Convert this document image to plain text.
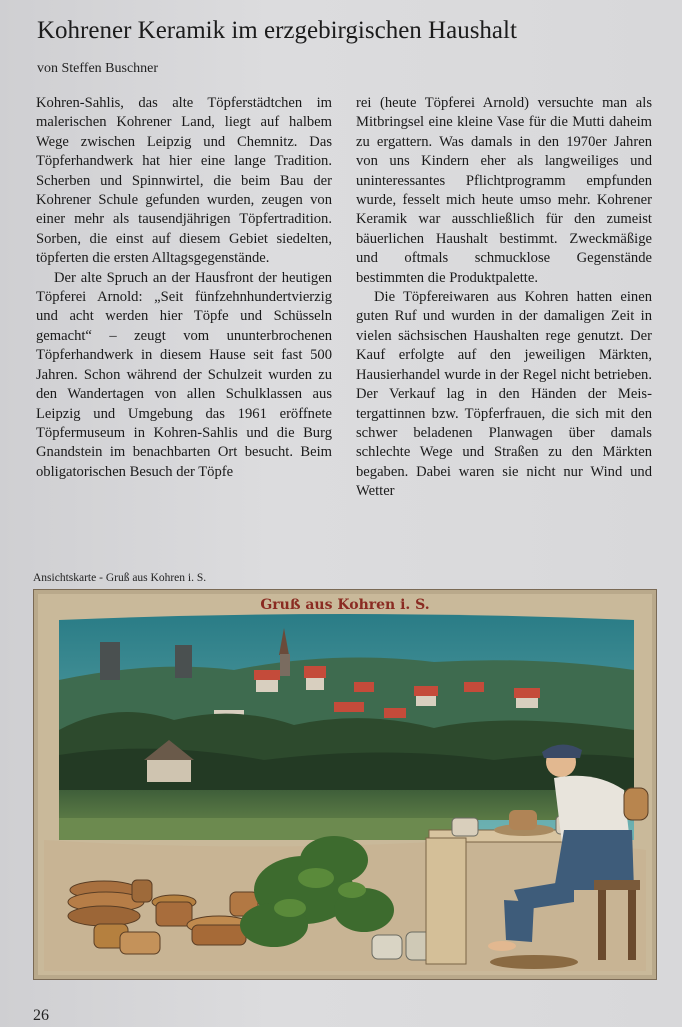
Kohrener Keramik im erzgebirgischen Haushalt
von Steffen Buschner

Kohren-Sahlis, das alte Töpferstädtchen im malerischen Kohrener Land, liegt auf halbem Wege zwischen Leipzig und Chemnitz. Das Töpferhandwerk hat hier eine lange Tradition. Scherben und Spinnwirtel, die beim Bau der Kohrener Schule gefunden wurden, zeugen von einer mehr als tausendjährigen Töpfertradition. Sorben, die einst auf diesem Gebiet siedelten, töpferten die ersten Alltagsgegenstände.

Der alte Spruch an der Hausfront der heutigen Töpferei Arnold: „Seit fünfzehnhundertvierzig und acht werden hier Töpfe und Schüsseln gemacht“ – zeugt vom ununterbrochenen Töpferhandwerk in diesem Hause seit fast 500 Jahren. Schon während der Schulzeit wurden zu den Wandertagen von allen Schulklassen aus Leipzig und Umgebung das 1961 eröffnete Töpfermuseum in Kohren-Sahlis und die Burg Gnandstein im benachbarten Ort besucht. Beim obligatorischen Besuch der Töpfe

rei (heute Töpferei Arnold) versuchte man als Mitbringsel eine kleine Vase für die Mutti daheim zu ergattern. Was damals in den 1970er Jahren von uns Kindern eher als langweiliges und uninteressantes Pflichtprogramm empfunden wurde, fesselt mich heute umso mehr. Kohrener Keramik war ausschließlich für den zumeist bäuerlichen Haushalt bestimmt. Zweckmäßige und oftmals schmucklose Gegenstände bestimmten die Produktpalette.

Die Töpfereiwaren aus Kohren hatten einen guten Ruf und wurden in der damaligen Zeit in vielen sächsischen Haushalten rege genutzt. Der Kauf erfolgte auf den jeweiligen Märkten, Hausierhandel wurde in der Regel nicht betrieben. Der Verkauf lag in den Händen der Meistergattinnen bzw. Töpferfrauen, die sich mit den schwer beladenen Planwagen über damals schlechte Wege und Straßen zu den Märkten begaben. Dabei waren sie nicht nur Wind und Wetter

Ansichtskarte - Gruß aus Kohren i. S.
Gruß aus Kohren i. S.
26
